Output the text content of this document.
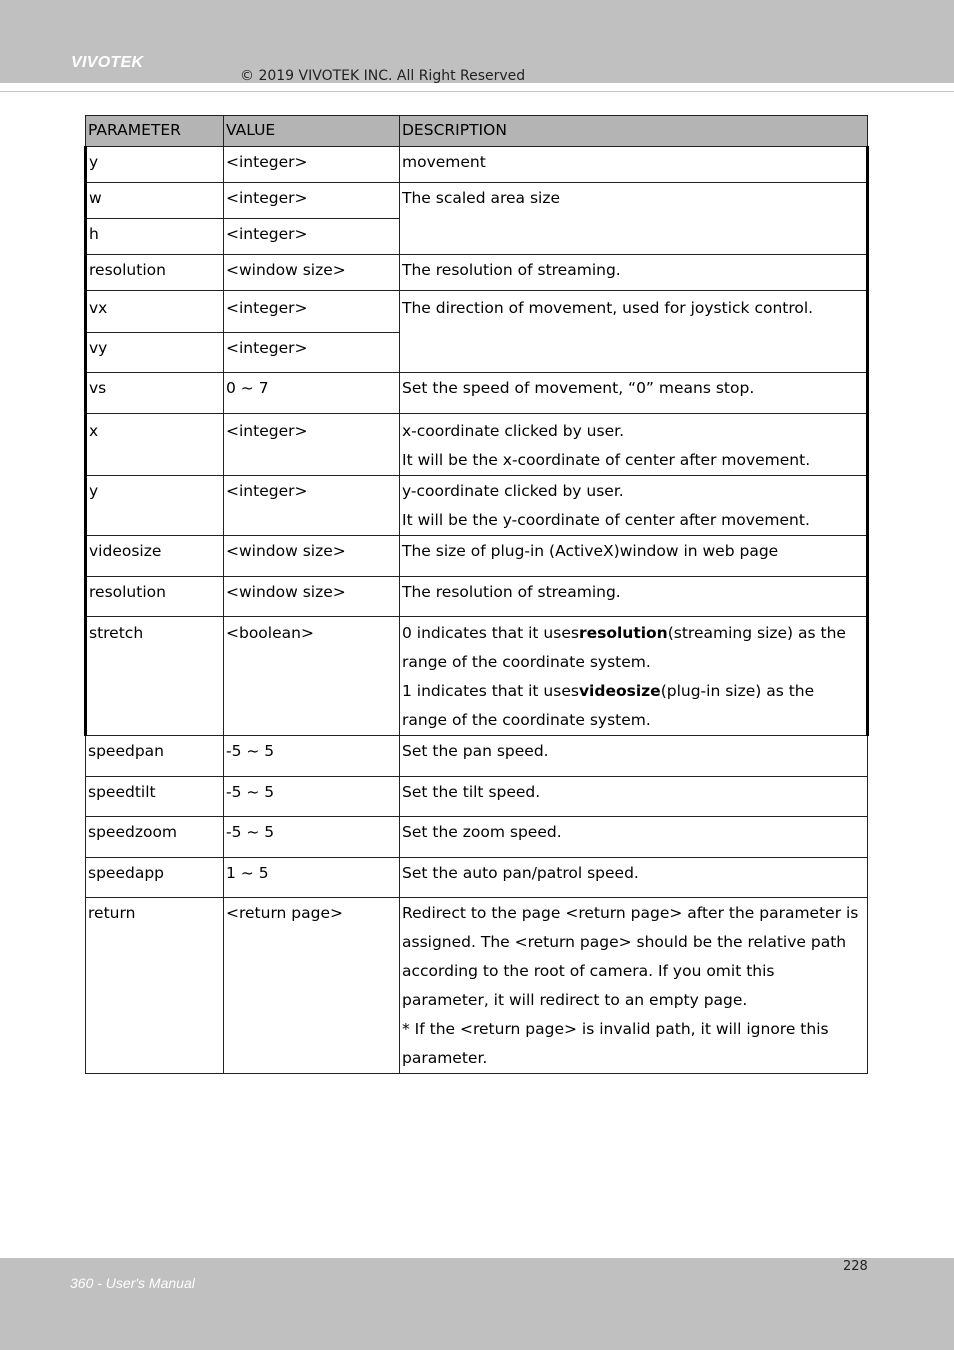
VIVOTEK
© 2019 VIVOTEK INC. All Right Reserved
PARAMETER	VALUE	DESCRIPTION
y	<integer>	movement
w	<integer>	The scaled area size
h	<integer>	
resolution	<window size>	The resolution of streaming.
vx	<integer>	The direction of movement, used for joystick control.
vy	<integer>	
vs	0 ~ 7	Set the speed of movement, “0” means stop.
x	<integer>	x-coordinate clicked by user.
It will be the x-coordinate of center after movement.

y	<integer>	y-coordinate clicked by user.
It will be the y-coordinate of center after movement.

videosize	<window size>	The size of plug-in (ActiveX)window in web page
resolution	<window size>	The resolution of streaming.
stretch	<boolean>	0 indicates that it usesresolution(streaming size) as the range of the coordinate system.
1 indicates that it usesvideosize(plug-in size) as the range of the coordinate system.

speedpan	-5 ~ 5	Set the pan speed.
speedtilt	-5 ~ 5	Set the tilt speed.
speedzoom	-5 ~ 5	Set the zoom speed.
speedapp	1 ~ 5	Set the auto pan/patrol speed.
return	<return page>	Redirect to the page <return page> after the parameter is assigned. The <return page> should be the relative path according to the root of camera. If you omit this parameter, it will redirect to an empty page.
* If the <return page> is invalid path, it will ignore this parameter.
360 - User's Manual
228
